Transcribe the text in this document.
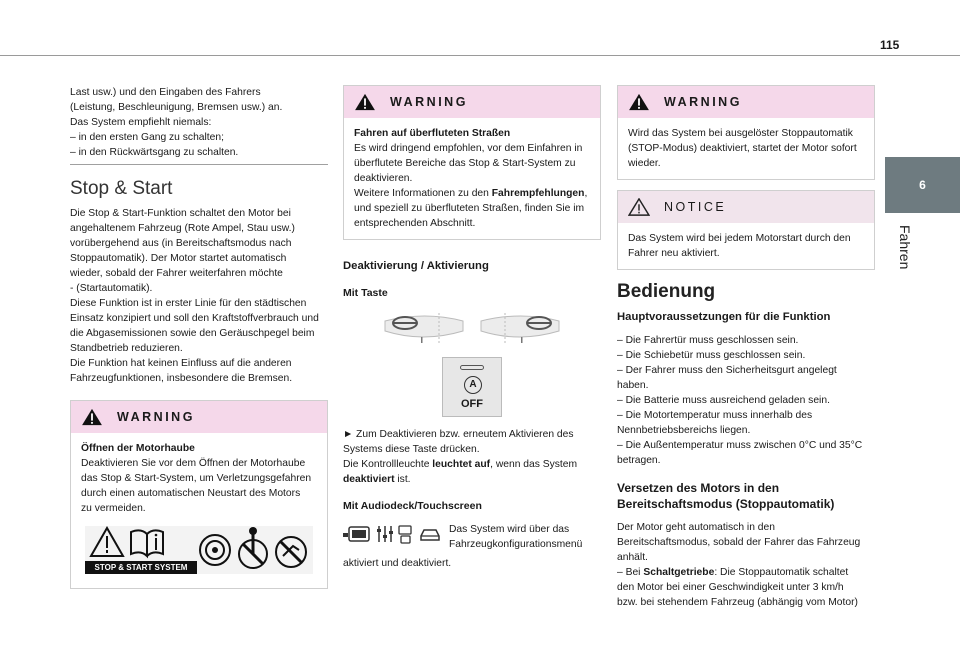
115
6
Fahren
Last usw.) und den Eingaben des Fahrers
(Leistung, Beschleunigung, Bremsen usw.) an.
Das System empfiehlt niemals:
– in den ersten Gang zu schalten;
– in den Rückwärtsgang zu schalten.
Stop & Start
Die Stop & Start-Funktion schaltet den Motor bei
angehaltenem Fahrzeug (Rote Ampel, Stau usw.)
vorübergehend aus (in Bereitschaftsmodus nach
Stoppautomatik). Der Motor startet automatisch
wieder, sobald der Fahrer weiterfahren möchte
- (Startautomatik).
Diese Funktion ist in erster Linie für den städtischen
Einsatz konzipiert und soll den Kraftstoffverbrauch und
die Abgasemissionen sowie den Geräuschpegel beim
Standbetrieb reduzieren.
Die Funktion hat keinen Einfluss auf die anderen
Fahrzeugfunktionen, insbesondere die Bremsen.
WARNING
Öffnen der Motorhaube
Deaktivieren Sie vor dem Öffnen der Motorhaube
das Stop & Start-System, um Verletzungsgefahren
durch einen automatischen Neustart des Motors
zu vermeiden.
STOP & START SYSTEM
WARNING
Fahren auf überfluteten Straßen
Es wird dringend empfohlen, vor dem Einfahren in
überflutete Bereiche das Stop & Start-System zu
deaktivieren.
Weitere Informationen zu den Fahrempfehlungen,
und speziell zu überfluteten Straßen, finden Sie im
entsprechenden Abschnitt.
Deaktivierung / Aktivierung
Mit Taste
A
OFF
► Zum Deaktivieren bzw. erneutem Aktivieren des
Systems diese Taste drücken.
Die Kontrollleuchte leuchtet auf, wenn das System
deaktiviert ist.
Mit Audiodeck/Touchscreen
Das System wird über das
Fahrzeugkonfigurationsmenü
aktiviert und deaktiviert.
WARNING
Wird das System bei ausgelöster Stoppautomatik
(STOP-Modus) deaktiviert, startet der Motor sofort
wieder.
NOTICE
Das System wird bei jedem Motorstart durch den
Fahrer neu aktiviert.
Bedienung
Hauptvoraussetzungen für die Funktion
– Die Fahrertür muss geschlossen sein.
– Die Schiebetür muss geschlossen sein.
– Der Fahrer muss den Sicherheitsgurt angelegt
haben.
– Die Batterie muss ausreichend geladen sein.
– Die Motortemperatur muss innerhalb des
Nennbetriebsbereichs liegen.
– Die Außentemperatur muss zwischen 0°C und 35°C
betragen.
Versetzen des Motors in den
Bereitschaftsmodus (Stoppautomatik)
Der Motor geht automatisch in den
Bereitschaftsmodus, sobald der Fahrer das Fahrzeug
anhält.
– Bei Schaltgetriebe: Die Stoppautomatik schaltet
den Motor bei einer Geschwindigkeit unter 3 km/h
bzw. bei stehendem Fahrzeug (abhängig vom Motor)
